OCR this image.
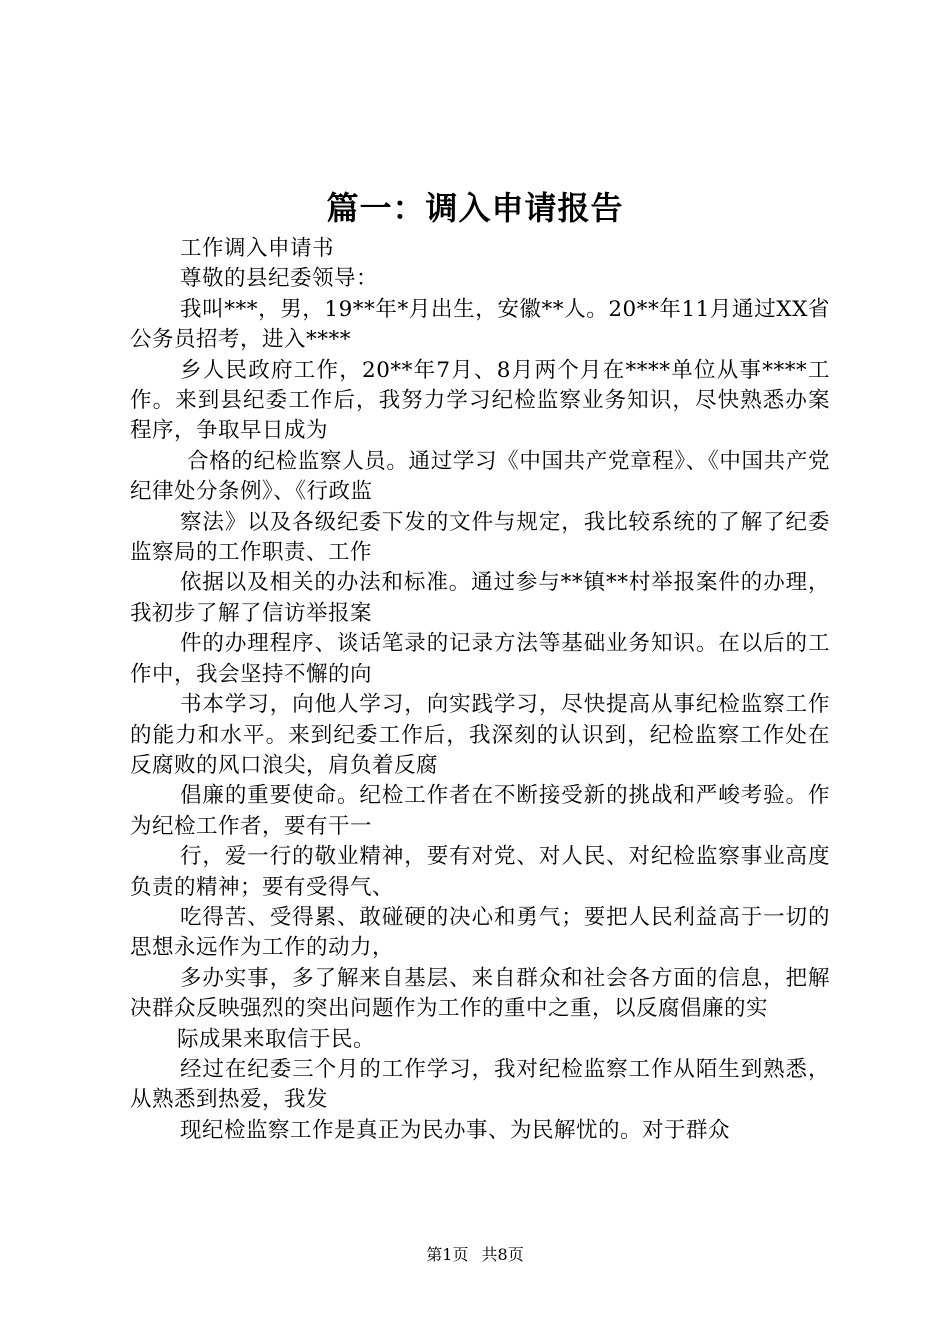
篇一：调入申请报告

工作调入申请书

尊敬的县纪委领导：

我叫***，男，19**年*月出生，安徽**人。20**年11月通过XX省公务员招考，进入****

乡人民政府工作，20**年7月、8月两个月在****单位从事****工作。来到县纪委工作后，我努力学习纪检监察业务知识，尽快熟悉办案程序，争取早日成为

合格的纪检监察人员。通过学习《中国共产党章程》、《中国共产党纪律处分条例》、《行政监

察法》以及各级纪委下发的文件与规定，我比较系统的了解了纪委监察局的工作职责、工作

依据以及相关的办法和标准。通过参与**镇**村举报案件的办理，我初步了解了信访举报案

件的办理程序、谈话笔录的记录方法等基础业务知识。在以后的工作中，我会坚持不懈的向

书本学习，向他人学习，向实践学习，尽快提高从事纪检监察工作的能力和水平。来到纪委工作后，我深刻的认识到，纪检监察工作处在反腐败的风口浪尖，肩负着反腐

倡廉的重要使命。纪检工作者在不断接受新的挑战和严峻考验。作为纪检工作者，要有干一

行，爱一行的敬业精神，要有对党、对人民、对纪检监察事业高度负责的精神；要有受得气、

吃得苦、受得累、敢碰硬的决心和勇气；要把人民利益高于一切的思想永远作为工作的动力，

多办实事，多了解来自基层、来自群众和社会各方面的信息，把解决群众反映强烈的突出问题作为工作的重中之重，以反腐倡廉的实

际成果来取信于民。

经过在纪委三个月的工作学习，我对纪检监察工作从陌生到熟悉，从熟悉到热爱，我发

现纪检监察工作是真正为民办事、为民解忧的。对于群众

第1页 共8页
